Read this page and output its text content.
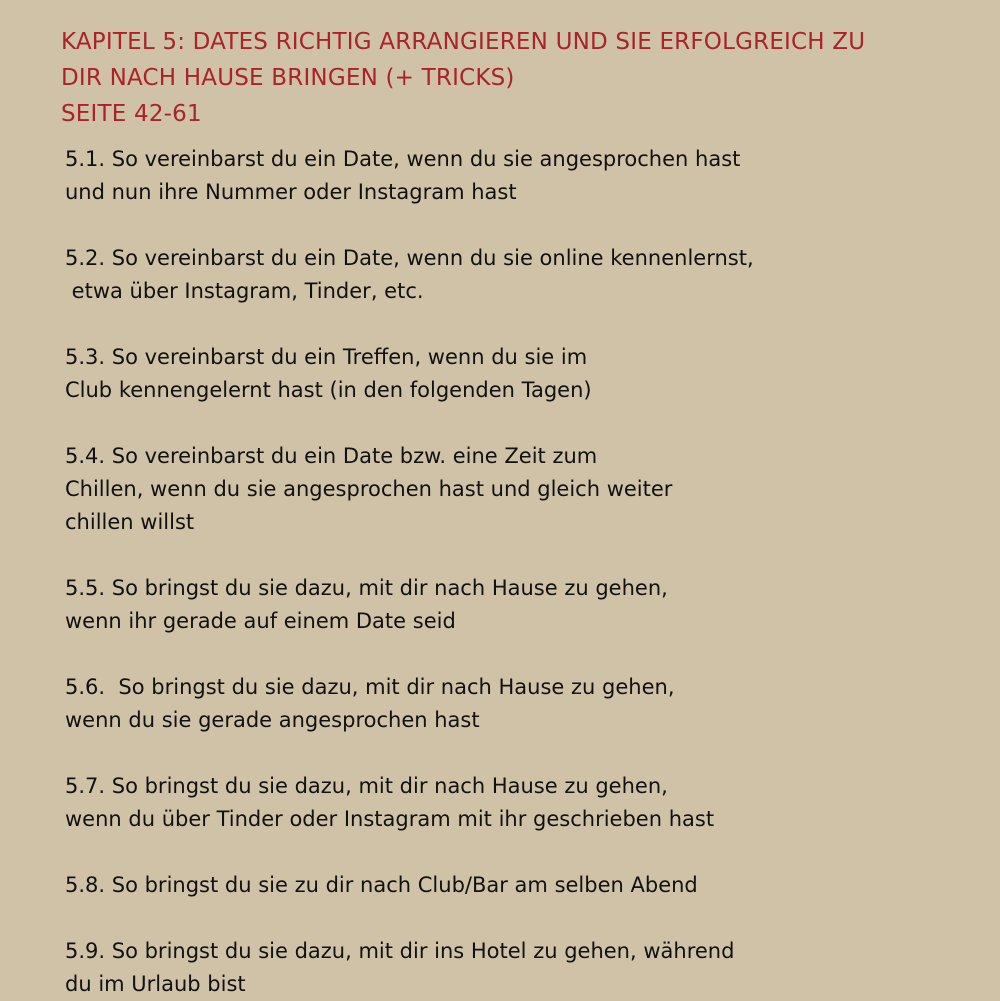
KAPITEL 5: DATES RICHTIG ARRANGIEREN UND SIE ERFOLGREICH ZU
DIR NACH HAUSE BRINGEN (+ TRICKS)
SEITE 42-61
5.1. So vereinbarst du ein Date, wenn du sie angesprochen hast
und nun ihre Nummer oder Instagram hast
5.2. So vereinbarst du ein Date, wenn du sie online kennenlernst,
etwa über Instagram, Tinder, etc.
5.3. So vereinbarst du ein Treffen, wenn du sie im
Club kennengelernt hast (in den folgenden Tagen)
5.4. So vereinbarst du ein Date bzw. eine Zeit zum
Chillen, wenn du sie angesprochen hast und gleich weiter
chillen willst
5.5. So bringst du sie dazu, mit dir nach Hause zu gehen,
wenn ihr gerade auf einem Date seid
5.6.  So bringst du sie dazu, mit dir nach Hause zu gehen,
wenn du sie gerade angesprochen hast
5.7. So bringst du sie dazu, mit dir nach Hause zu gehen,
wenn du über Tinder oder Instagram mit ihr geschrieben hast
5.8. So bringst du sie zu dir nach Club/Bar am selben Abend
5.9. So bringst du sie dazu, mit dir ins Hotel zu gehen, während
du im Urlaub bist
